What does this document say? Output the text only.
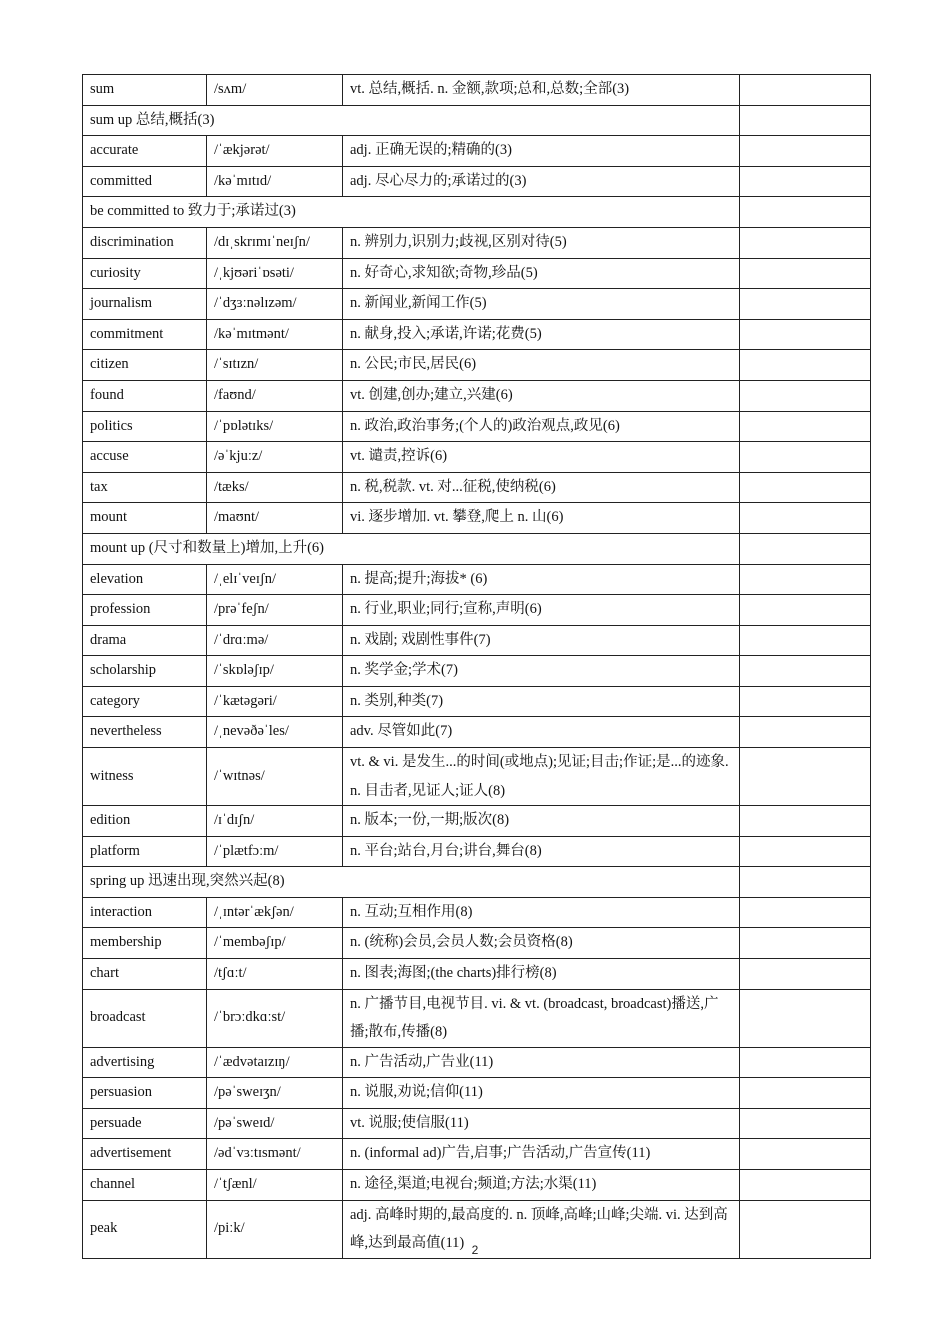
sum	/sʌm/	vt. 总结,概括. n. 金额,款项;总和,总数;全部(3)	
sum up 总结,概括(3)			
accurate	/ˈækjərət/	adj. 正确无误的;精确的(3)	
committed	/kəˈmɪtɪd/	adj. 尽心尽力的;承诺过的(3)	
be committed to 致力于;承诺过(3)			
discrimination	/dɪˌskrɪmɪˈneɪʃn/	n. 辨别力,识别力;歧视,区别对待(5)	
curiosity	/ˌkjʊəriˈɒsəti/	n. 好奇心,求知欲;奇物,珍品(5)	
journalism	/ˈdʒɜːnəlɪzəm/	n. 新闻业,新闻工作(5)	
commitment	/kəˈmɪtmənt/	n. 献身,投入;承诺,许诺;花费(5)	
citizen	/ˈsɪtɪzn/	n. 公民;市民,居民(6)	
found	/faʊnd/	vt. 创建,创办;建立,兴建(6)	
politics	/ˈpɒlətɪks/	n. 政治,政治事务;(个人的)政治观点,政见(6)	
accuse	/əˈkjuːz/	vt. 谴责,控诉(6)	
tax	/tæks/	n. 税,税款. vt. 对...征税,使纳税(6)	
mount	/maʊnt/	vi. 逐步增加. vt. 攀登,爬上 n. 山(6)	
mount up (尺寸和数量上)增加,上升(6)			
elevation	/ˌelɪˈveɪʃn/	n. 提高;提升;海拔* (6)	
profession	/prəˈfeʃn/	n. 行业,职业;同行;宣称,声明(6)	
drama	/ˈdrɑːmə/	n. 戏剧; 戏剧性事件(7)	
scholarship	/ˈskɒləʃɪp/	n. 奖学金;学术(7)	
category	/ˈkætəgəri/	n. 类别,种类(7)	
nevertheless	/ˌnevəðəˈles/	adv. 尽管如此(7)	
witness	/ˈwɪtnəs/	vt. & vi. 是发生...的时间(或地点);见证;目击;作证;是...的迹象. n. 目击者,见证人;证人(8)	
edition	/ɪˈdɪʃn/	n. 版本;一份,一期;版次(8)	
platform	/ˈplætfɔːm/	n. 平台;站台,月台;讲台,舞台(8)	
spring up 迅速出现,突然兴起(8)			
interaction	/ˌɪntərˈækʃən/	n. 互动;互相作用(8)	
membership	/ˈmembəʃɪp/	n. (统称)会员,会员人数;会员资格(8)	
chart	/tʃɑːt/	n. 图表;海图;(the charts)排行榜(8)	
broadcast	/ˈbrɔːdkɑːst/	n. 广播节目,电视节目. vi. & vt. (broadcast, broadcast)播送,广播;散布,传播(8)	
advertising	/ˈædvətaɪzɪŋ/	n. 广告活动,广告业(11)	
persuasion	/pəˈsweɪʒn/	n. 说服,劝说;信仰(11)	
persuade	/pəˈsweɪd/	vt. 说服;使信服(11)	
advertisement	/ədˈvɜːtɪsmənt/	n. (informal ad)广告,启事;广告活动,广告宣传(11)	
channel	/ˈtʃænl/	n. 途径,渠道;电视台;频道;方法;水渠(11)	
peak	/piːk/	adj. 高峰时期的,最高度的. n. 顶峰,高峰;山峰;尖端. vi. 达到高峰,达到最高值(11)	2
